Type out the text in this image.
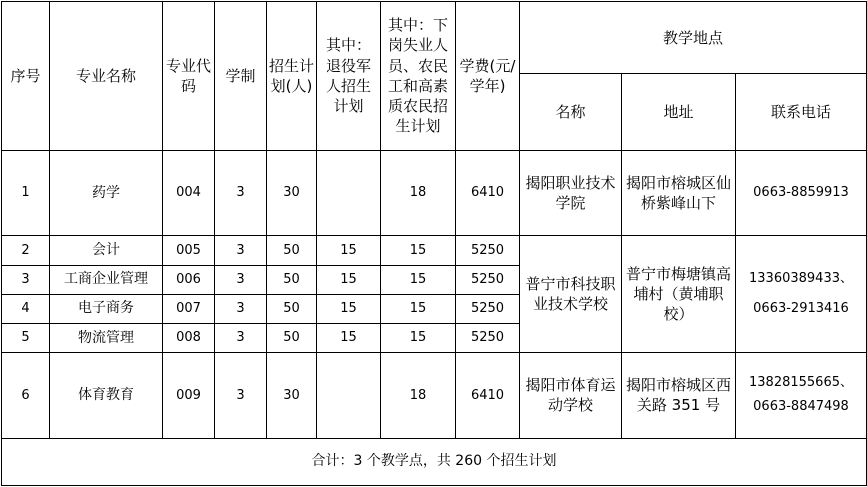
序号	专业名称	专业代码	学制	招生计划(人)	其中：退役军人招生计划	其中：下岗失业人员、农民工和高素质农民招生计划	学费(元/学年)	教学地点		
								名称	地址	联系电话
1	药学	004	3	30		18	6410	揭阳职业技术学院	揭阳市榕城区仙桥紫峰山下	0663-8859913
2	会计	005	3	50	15	15	5250	普宁市科技职业技术学校	普宁市梅塘镇高埔村（黄埔职校）	13360389433、0663-2913416
3	工商企业管理	006	3	50	15	15	5250			
4	电子商务	007	3	50	15	15	5250			
5	物流管理	008	3	50	15	15	5250			
6	体育教育	009	3	30		18	6410	揭阳市体育运动学校	揭阳市榕城区西关路 351 号	13828155665、0663-8847498
合计：3 个教学点，共 260 个招生计划										
